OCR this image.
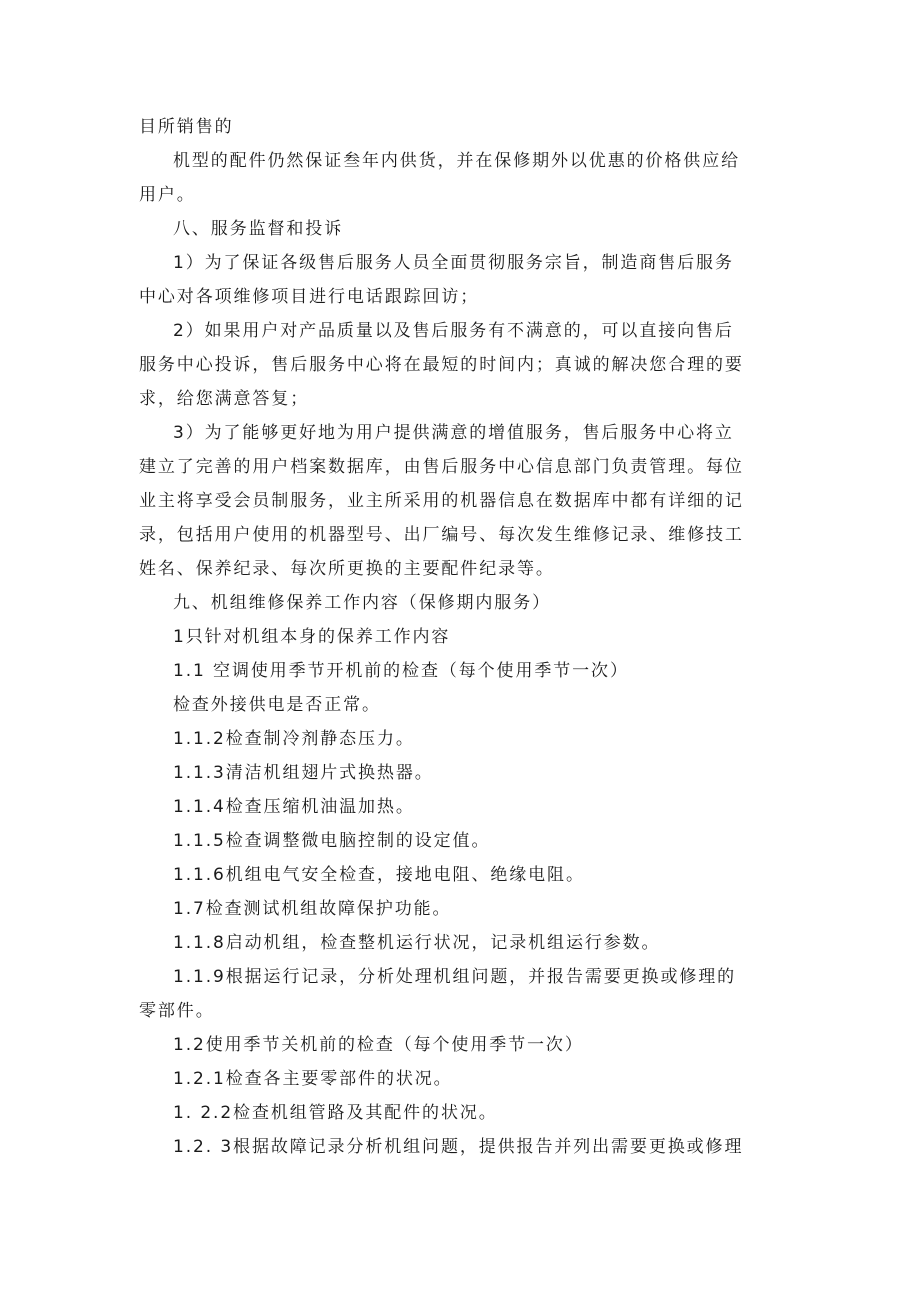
目所销售的
机型的配件仍然保证叁年内供货，并在保修期外以优惠的价格供应给
用户。
八、服务监督和投诉
1）为了保证各级售后服务人员全面贯彻服务宗旨，制造商售后服务
中心对各项维修项目进行电话跟踪回访；
2）如果用户对产品质量以及售后服务有不满意的，可以直接向售后
服务中心投诉，售后服务中心将在最短的时间内；真诚的解决您合理的要
求，给您满意答复；
3）为了能够更好地为用户提供满意的增值服务，售后服务中心将立
建立了完善的用户档案数据库，由售后服务中心信息部门负责管理。每位
业主将享受会员制服务，业主所采用的机器信息在数据库中都有详细的记
录，包括用户使用的机器型号、出厂编号、每次发生维修记录、维修技工
姓名、保养纪录、每次所更换的主要配件纪录等。
九、机组维修保养工作内容（保修期内服务）
1只针对机组本身的保养工作内容
1.1 空调使用季节开机前的检查（每个使用季节一次）
检查外接供电是否正常。
1.1.2检查制冷剂静态压力。
1.1.3清洁机组翅片式换热器。
1.1.4检查压缩机油温加热。
1.1.5检查调整微电脑控制的设定值。
1.1.6机组电气安全检查，接地电阻、绝缘电阻。
1.7检查测试机组故障保护功能。
1.1.8启动机组，检查整机运行状况，记录机组运行参数。
1.1.9根据运行记录，分析处理机组问题，并报告需要更换或修理的
零部件。
1.2使用季节关机前的检查（每个使用季节一次）
1.2.1检查各主要零部件的状况。
1. 2.2检查机组管路及其配件的状况。
1.2. 3根据故障记录分析机组问题，提供报告并列出需要更换或修理
